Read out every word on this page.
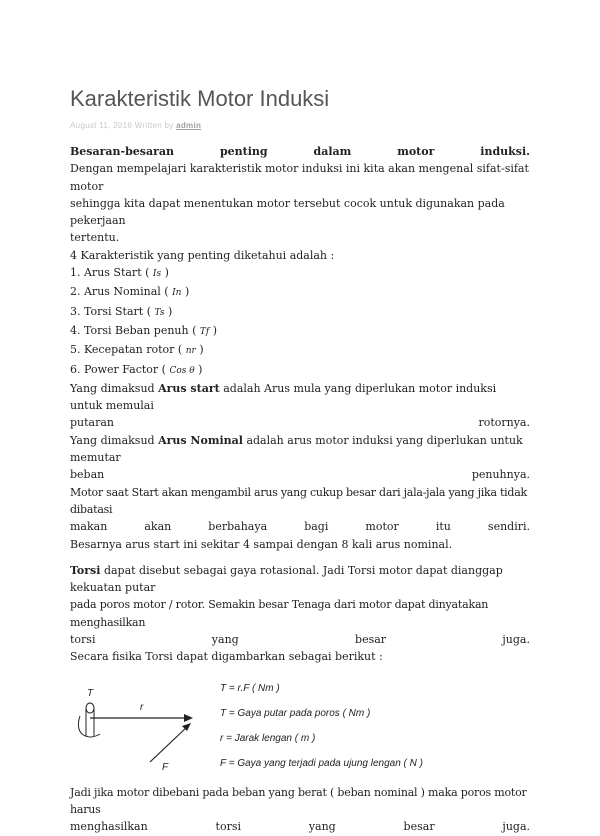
Karakteristik Motor Induksi
August 11, 2016 Written by admin

Besaran-besaran penting dalam motor induksi.

Dengan mempelajari karakteristik motor induksi ini kita akan mengenal sifat-sifat motor

sehingga kita dapat menentukan motor tersebut cocok untuk digunakan pada pekerjaan

tertentu.

4 Karakteristik yang penting diketahui adalah :

1. Arus Start ( Is )

2. Arus Nominal ( In )

3. Torsi Start ( Ts )

4. Torsi Beban penuh ( Tf )

5. Kecepatan rotor ( nr )

6. Power Factor ( Cos θ )

Yang dimaksud Arus start adalah Arus mula yang diperlukan motor induksi untuk memulai

putaran rotornya.

Yang dimaksud Arus Nominal adalah arus motor induksi yang diperlukan untuk memutar

beban penuhnya.

Motor saat Start akan mengambil arus yang cukup besar dari jala-jala yang jika tidak dibatasi

makan akan berbahaya bagi motor itu sendiri.

Besarnya arus start ini sekitar 4 sampai dengan 8 kali arus nominal.

Torsi dapat disebut sebagai gaya rotasional. Jadi Torsi motor dapat dianggap kekuatan putar

pada poros motor / rotor. Semakin besar Tenaga dari motor dapat dinyatakan menghasilkan

torsi yang besar juga.

Secara fisika Torsi dapat digambarkan sebagai berikut :

T
r
F
T = r.F ( Nm )
T = Gaya putar pada poros ( Nm )
r = Jarak lengan ( m )
F = Gaya yang terjadi pada ujung lengan ( N )

Jadi jika motor dibebani pada beban yang berat ( beban nominal ) maka poros motor harus

menghasilkan torsi yang besar juga.
